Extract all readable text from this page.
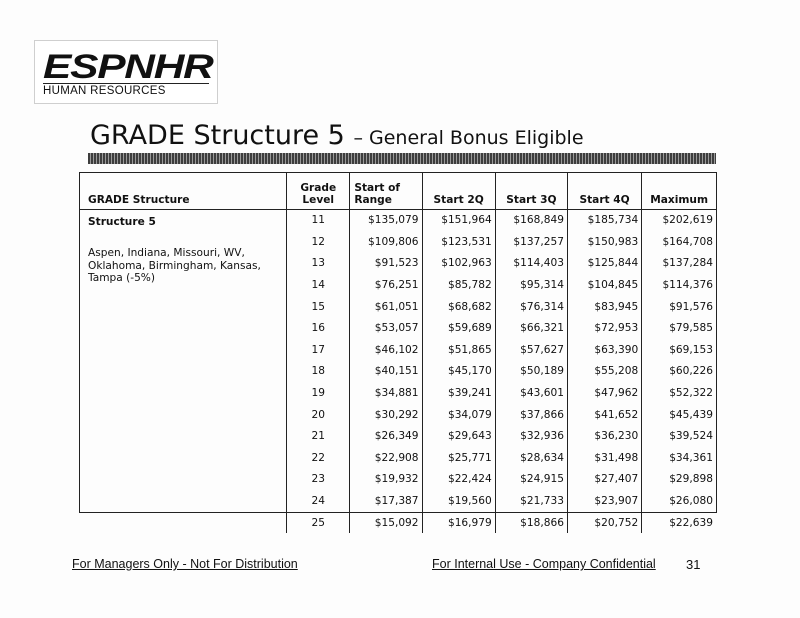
ESPNHR
HUMAN RESOURCES
GRADE Structure 5 – General Bonus Eligible
GRADE Structure	Grade Level	Start of Range	Start 2Q	Start 3Q	Start 4Q	Maximum

Structure 5
Aspen, Indiana, Missouri, WV, Oklahoma, Birmingham, Kansas, Tampa (-5%)	11	$135,079	$151,964	$168,849	$185,734	$202,619
	12	$109,806	$123,531	$137,257	$150,983	$164,708
	13	$91,523	$102,963	$114,403	$125,844	$137,284
	14	$76,251	$85,782	$95,314	$104,845	$114,376
	15	$61,051	$68,682	$76,314	$83,945	$91,576
	16	$53,057	$59,689	$66,321	$72,953	$79,585
	17	$46,102	$51,865	$57,627	$63,390	$69,153
	18	$40,151	$45,170	$50,189	$55,208	$60,226
	19	$34,881	$39,241	$43,601	$47,962	$52,322
	20	$30,292	$34,079	$37,866	$41,652	$45,439
	21	$26,349	$29,643	$32,936	$36,230	$39,524
	22	$22,908	$25,771	$28,634	$31,498	$34,361
	23	$19,932	$22,424	$24,915	$27,407	$29,898
	24	$17,387	$19,560	$21,733	$23,907	$26,080
	25	$15,092	$16,979	$18,866	$20,752	$22,639
For Managers Only - Not For Distribution	For Internal Use - Company Confidential 31
